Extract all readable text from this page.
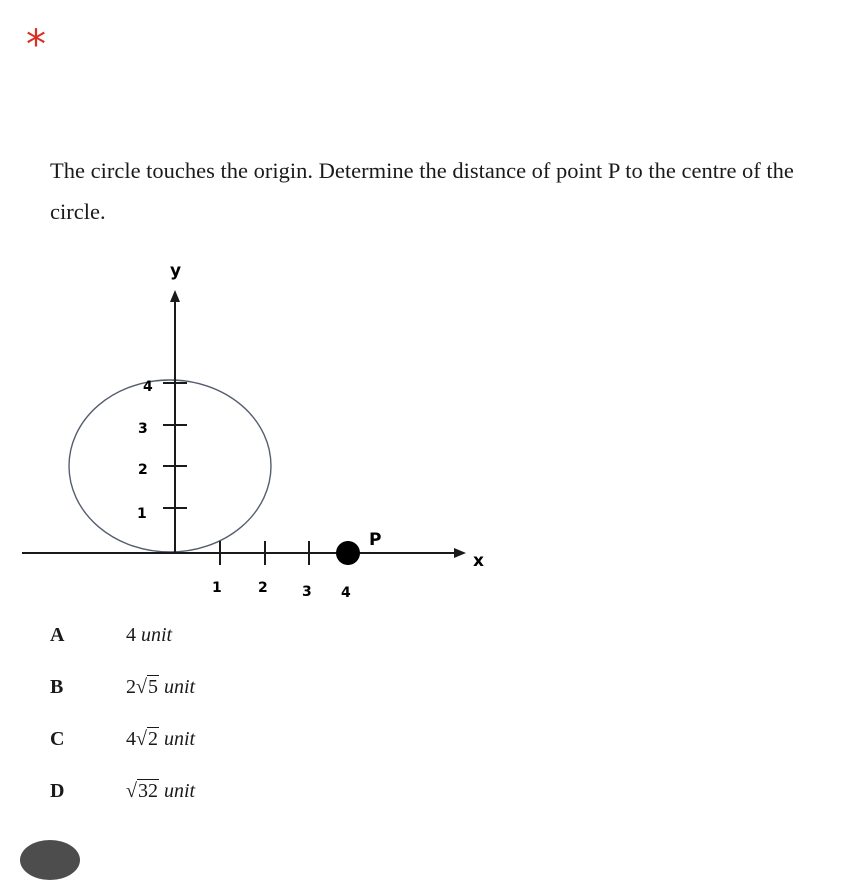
*
The circle touches the origin. Determine the distance of point P to the centre of the circle.
y
x
P
1
2
3
4
1	2 3 4
A	4 unit
B	2√5 unit
C	4√2 unit
D	√32 unit
